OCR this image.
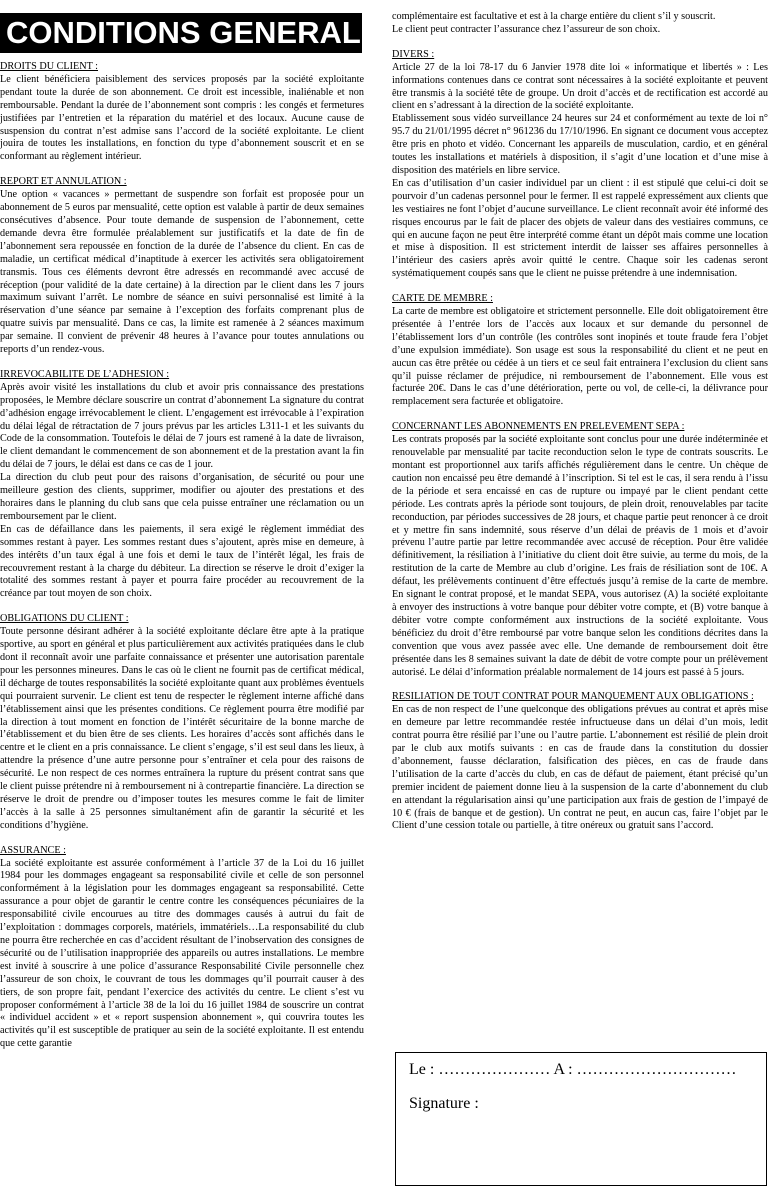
CONDITIONS GENERALES
DROITS DU CLIENT :

Le client bénéficiera paisiblement des services proposés par la société exploitante pendant toute la durée de son abonnement. Ce droit est incessible, inaliénable et non remboursable. Pendant la durée de l’abonnement sont compris : les congés et fermetures justifiées par l’entretien et la réparation du matériel et des locaux. Aucune cause de suspension du contrat n’est admise sans l’accord de la société exploitante. Le client jouira de toutes les installations, en fonction du type d’abonnement souscrit et en se conformant au règlement intérieur.

REPORT ET ANNULATION :

Une option « vacances » permettant de suspendre son forfait est proposée pour un abonnement de 5 euros par mensualité, cette option est valable à partir de deux semaines consécutives d’absence. Pour toute demande de suspension de l’abonnement, cette demande devra être formulée préalablement sur justificatifs et la date de fin de l’abonnement sera repoussée en fonction de la durée de l’absence du client. En cas de maladie, un certificat médical d’inaptitude à exercer les activités sera obligatoirement transmis. Tous ces éléments devront être adressés en recommandé avec accusé de réception (pour validité de la date certaine) à la direction par le client dans les 7 jours maximum suivant l’arrêt. Le nombre de séance en suivi personnalisé est limité à la réservation d’une séance par semaine à l’exception des forfaits comprenant plus de quatre suivis par mensualité. Dans ce cas, la limite est ramenée à 2 séances maximum par semaine. Il convient de prévenir 48 heures à l’avance pour toutes annulations ou reports d’un rendez-vous.

IRREVOCABILITE DE L’ADHESION :

Après avoir visité les installations du club et avoir pris connaissance des prestations proposées, le Membre déclare souscrire un contrat d’abonnement La signature du contrat d’adhésion engage irrévocablement le client. L’engagement est irrévocable à l’expiration du délai légal de rétractation de 7 jours prévus par les articles L311-1 et les suivants du Code de la consommation. Toutefois le délai de 7 jours est ramené à la date de livraison, le client demandant le commencement de son abonnement et de la prestation avant la fin du délai de 7 jours, le délai est dans ce cas de 1 jour.

La direction du club peut pour des raisons d’organisation, de sécurité ou pour une meilleure gestion des clients, supprimer, modifier ou ajouter des prestations et des horaires dans le planning du club sans que cela puisse entraîner une réclamation ou un remboursement par le client.

En cas de défaillance dans les paiements, il sera exigé le règlement immédiat des sommes restant à payer. Les sommes restant dues s’ajoutent, après mise en demeure, à des intérêts d’un taux égal à une fois et demi le taux de l’intérêt légal, les frais de recouvrement restant à la charge du débiteur. La direction se réserve le droit d’exiger la totalité des sommes restant à payer et pourra faire procéder au recouvrement de la créance par tout moyen de son choix.

OBLIGATIONS DU CLIENT :

Toute personne désirant adhérer à la société exploitante déclare être apte à la pratique sportive, au sport en général et plus particulièrement aux activités pratiquées dans le club dont il reconnaît avoir une parfaite connaissance et présenter une autorisation parentale pour les personnes mineures. Dans le cas où le client ne fournit pas de certificat médical, il décharge de toutes responsabilités la société exploitante quant aux problèmes éventuels qui pourraient survenir. Le client est tenu de respecter le règlement interne affiché dans l’établissement ainsi que les présentes conditions. Ce règlement pourra être modifié par la direction à tout moment en fonction de l’intérêt sécuritaire de la bonne marche de l’établissement et du bien être de ses clients. Les horaires d’accès sont affichés dans le centre et le client en a pris connaissance. Le client s’engage, s’il est seul dans les lieux, à attendre la présence d’une autre personne pour s’entraîner et cela pour des raisons de sécurité. Le non respect de ces normes entraînera la rupture du présent contrat sans que le client puisse prétendre ni à remboursement ni à contrepartie financière. La direction se réserve le droit de prendre ou d’imposer toutes les mesures comme le fait de limiter l’accès à la salle à 25 personnes simultanément afin de garantir la sécurité et les conditions d’hygiène.

ASSURANCE :

La société exploitante est assurée conformément à l’article 37 de la Loi du 16 juillet 1984 pour les dommages engageant sa responsabilité civile et celle de son personnel conformément à la législation pour les dommages engageant sa responsabilité. Cette assurance a pour objet de garantir le centre contre les conséquences pécuniaires de la responsabilité civile encourues au titre des dommages causés à autrui du fait de l’exploitation : dommages corporels, matériels, immatériels…La responsabilité du club ne pourra être recherchée en cas d’accident résultant de l’inobservation des consignes de sécurité ou de l’utilisation inappropriée des appareils ou autres installations. Le membre est invité à souscrire à une police d’assurance Responsabilité Civile personnelle chez l’assureur de son choix, le couvrant de tous les dommages qu’il pourrait causer à des tiers, de son propre fait, pendant l’exercice des activités du centre. Le client s’est vu proposer conformément à l’article 38 de la loi du 16 juillet 1984 de souscrire un contrat « individuel accident » et « report suspension abonnement », qui couvrira toutes les activités qu’il est susceptible de pratiquer au sein de la société exploitante. Il est entendu que cette garantie

complémentaire est facultative et est à la charge entière du client s’il y souscrit.

Le client peut contracter l’assurance chez l’assureur de son choix.

DIVERS :

Article 27 de la loi 78-17 du 6 Janvier 1978 dite loi « informatique et libertés » : Les informations contenues dans ce contrat sont nécessaires à la société exploitante et peuvent être transmis à la société tête de groupe. Un droit d’accès et de rectification est accordé au client en s’adressant à la direction de la société exploitante.

Etablissement sous vidéo surveillance 24 heures sur 24 et conformément au texte de loi n° 95.7 du 21/01/1995 décret n° 961236 du 17/10/1996. En signant ce document vous acceptez être pris en photo et vidéo. Concernant les appareils de musculation, cardio, et en général toutes les installations et matériels à disposition, il s’agit d’une location et d’une mise à disposition des matériels en libre service.

En cas d’utilisation d’un casier individuel par un client : il est stipulé que celui-ci doit se pourvoir d’un cadenas personnel pour le fermer. Il est rappelé expressément aux clients que les vestiaires ne font l’objet d’aucune surveillance. Le client reconnaît avoir été informé des risques encourus par le fait de placer des objets de valeur dans des vestiaires communs, ce qui en aucune façon ne peut être interprété comme étant un dépôt mais comme une location et mise à disposition. Il est strictement interdit de laisser ses affaires personnelles à l’intérieur des casiers après avoir quitté le centre. Chaque soir les cadenas seront systématiquement coupés sans que le client ne puisse prétendre à une indemnisation.

CARTE DE MEMBRE :

La carte de membre est obligatoire et strictement personnelle. Elle doit obligatoirement être présentée à l’entrée lors de l’accès aux locaux et sur demande du personnel de l’établissement lors d’un contrôle (les contrôles sont inopinés et toute fraude fera l’objet d’une expulsion immédiate). Son usage est sous la responsabilité du client et ne peut en aucun cas être prêtée ou cédée à un tiers et ce seul fait entrainera l’exclusion du client sans qu’il puisse réclamer de préjudice, ni remboursement de l’abonnement. Elle vous est facturée 20€. Dans le cas d’une détérioration, perte ou vol, de celle-ci, la délivrance pour remplacement sera facturée et obligatoire.

CONCERNANT LES ABONNEMENTS EN PRELEVEMENT SEPA :

Les contrats proposés par la société exploitante sont conclus pour une durée indéterminée et renouvelable par mensualité par tacite reconduction selon le type de contrats souscrits. Le montant est proportionnel aux tarifs affichés régulièrement dans le centre. Un chèque de caution non encaissé peu être demandé à l’inscription. Si tel est le cas, il sera rendu à l’issu de la période et sera encaissé en cas de rupture ou impayé par le client pendant cette période. Les contrats après la période sont toujours, de plein droit, renouvelables par tacite reconduction, par périodes successives de 28 jours, et chaque partie peut renoncer à ce droit et y mettre fin sans indemnité, sous réserve d’un délai de préavis de 1 mois et d’avoir prévenu l’autre partie par lettre recommandée avec accusé de réception. Pour être validée définitivement, la résiliation à l’initiative du client doit être suivie, au terme du mois, de la restitution de la carte de Membre au club d’origine. Les frais de résiliation sont de 10€. A défaut, les prélèvements continuent d’être effectués jusqu’à remise de la carte de membre. En signant le contrat proposé, et le mandat SEPA, vous autorisez (A) la société exploitante à envoyer des instructions à votre banque pour débiter votre compte, et (B) votre banque à débiter votre compte conformément aux instructions de la société exploitante. Vous bénéficiez du droit d’être remboursé par votre banque selon les conditions décrites dans la convention que vous avez passée avec elle. Une demande de remboursement doit être présentée dans les 8 semaines suivant la date de débit de votre compte pour un prélèvement autorisé. Le délai d’information préalable normalement de 14 jours est passé à 5 jours.

RESILIATION DE TOUT CONTRAT POUR MANQUEMENT AUX OBLIGATIONS :

En cas de non respect de l’une quelconque des obligations prévues au contrat et après mise en demeure par lettre recommandée restée infructueuse dans un délai d’un mois, ledit contrat pourra être résilié par l’une ou l’autre partie. L’abonnement est résilié de plein droit par le club aux motifs suivants : en cas de fraude dans la constitution du dossier d’abonnement, fausse déclaration, falsification des pièces, en cas de fraude dans l’utilisation de la carte d’accès du club, en cas de défaut de paiement, étant précisé qu’un premier incident de paiement donne lieu à la suspension de la carte d’abonnement du club en attendant la régularisation ainsi qu’une participation aux frais de gestion de l’impayé de 10 € (frais de banque et de gestion). Un contrat ne peut, en aucun cas, faire l’objet par le Client d’une cession totale ou partielle, à titre onéreux ou gratuit sans l’accord.

Le : ………………… A : …………………………
Signature :
